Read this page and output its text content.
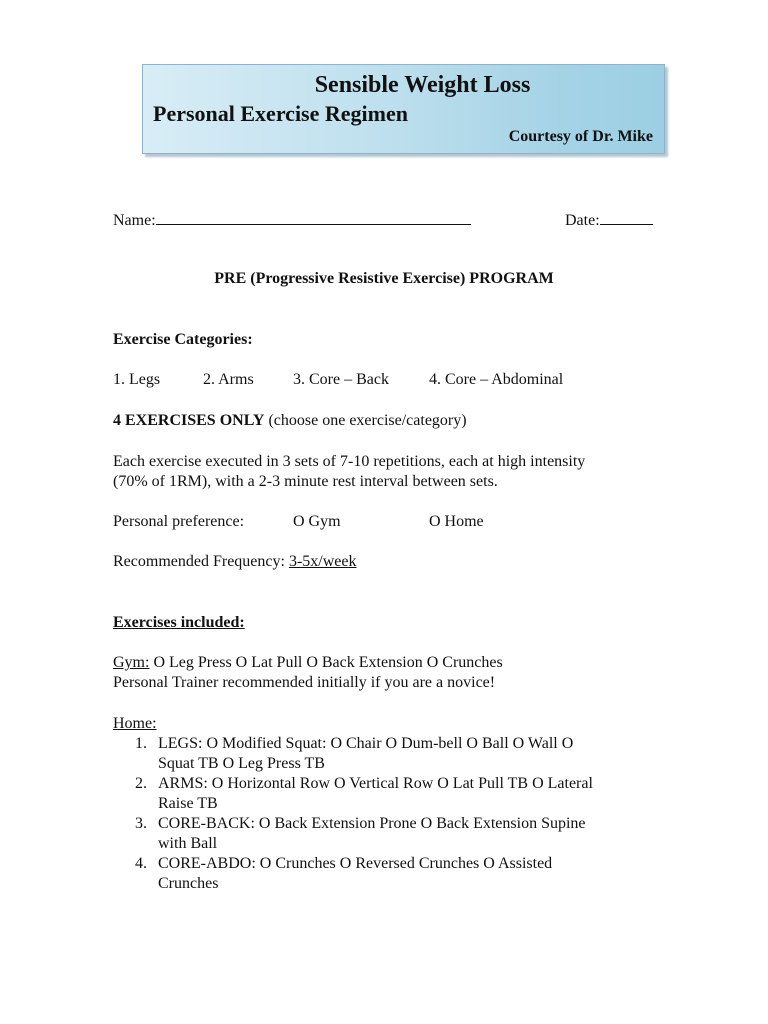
Sensible Weight Loss
Personal Exercise Regimen
Courtesy of Dr. Mike
Name:	Date:
PRE (Progressive Resistive Exercise) PROGRAM
Exercise Categories:
1. Legs	2. Arms 3. Core – Back	4. Core – Abdominal
4 EXERCISES ONLY (choose one exercise/category)
Each exercise executed in 3 sets of 7-10 repetitions, each at high intensity
(70% of 1RM), with a 2-3 minute rest interval between sets.
Personal preference:	O Gym	O Home
Recommended Frequency: 3-5x/week
Exercises included:
Gym: O Leg Press O Lat Pull O Back Extension O Crunches
Personal Trainer recommended initially if you are a novice!
Home:
1. LEGS: O Modified Squat: O Chair O Dum-bell O Ball O Wall O
Squat TB O Leg Press TB
2. ARMS: O Horizontal Row O Vertical Row O Lat Pull TB O Lateral
Raise TB
3. CORE-BACK: O Back Extension Prone O Back Extension Supine
with Ball
4. CORE-ABDO: O Crunches O Reversed Crunches O Assisted
Crunches
